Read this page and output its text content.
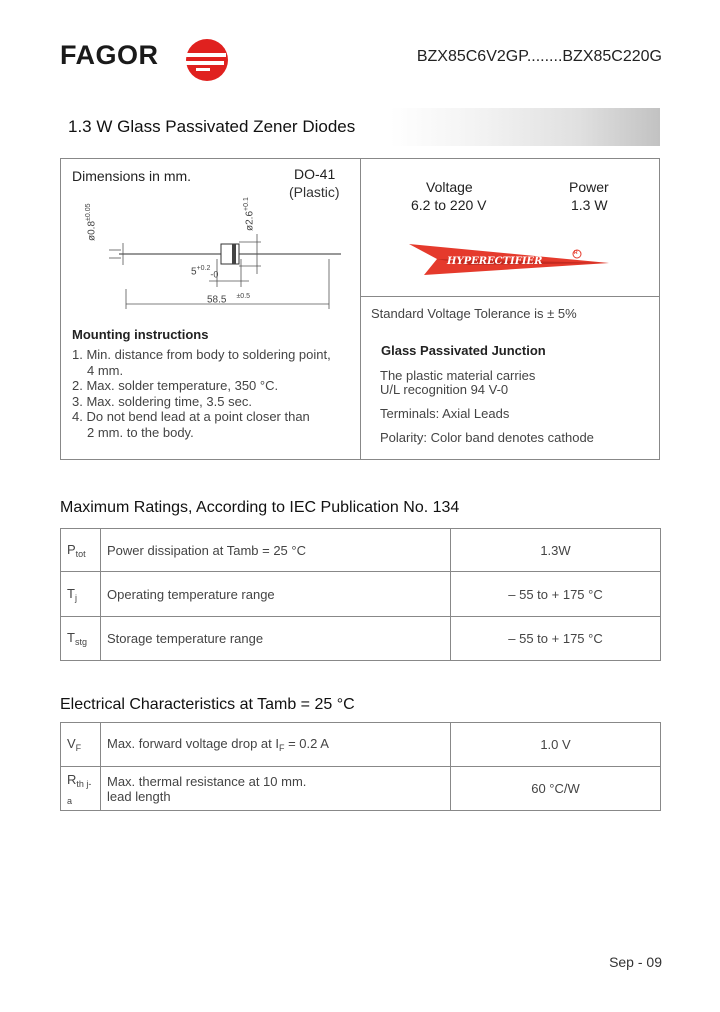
FAGOR	BZX85C6V2GP........BZX85C220G
1.3 W Glass Passivated Zener Diodes
Dimensions in mm.	DO-41
(Plastic)
$ø0.8^{\pm 0.05}$	$ø2.6^{+0.1}$
$5^{+0.2}_{-0}$
58.5 $^{\pm 0.5}$
Mounting instructions
1. Min. distance from body to soldering point,
4 mm.
2. Max. solder temperature, 350 °C.
3. Max. soldering time, 3.5 sec.
4. Do not bend lead at a point closer than
2 mm. to the body.
Voltage
6.2 to 220 V
Power
1.3 W
HYPERECTIFIER
R
Standard Voltage Tolerance is ± 5%
Glass Passivated Junction
The plastic material carries
U/L recognition 94 V-0
Terminals: Axial Leads
Polarity: Color band denotes cathode
Maximum Ratings, According to IEC Publication No. 134
$P_{tot}$	Power dissipation at Tamb = 25 °C	1.3W
$T_j$	Operating temperature range	– 55 to + 175 °C
$T_{stg}$	Storage temperature range	– 55 to + 175 °C
Electrical Characteristics at Tamb = 25 °C
$V_F$	Max. forward voltage drop at $I_F = 0.2$ A	1.0 V
$R_{th j-a}$	Max. thermal resistance at 10 mm.
lead length	60 °C/W
Sep - 09
